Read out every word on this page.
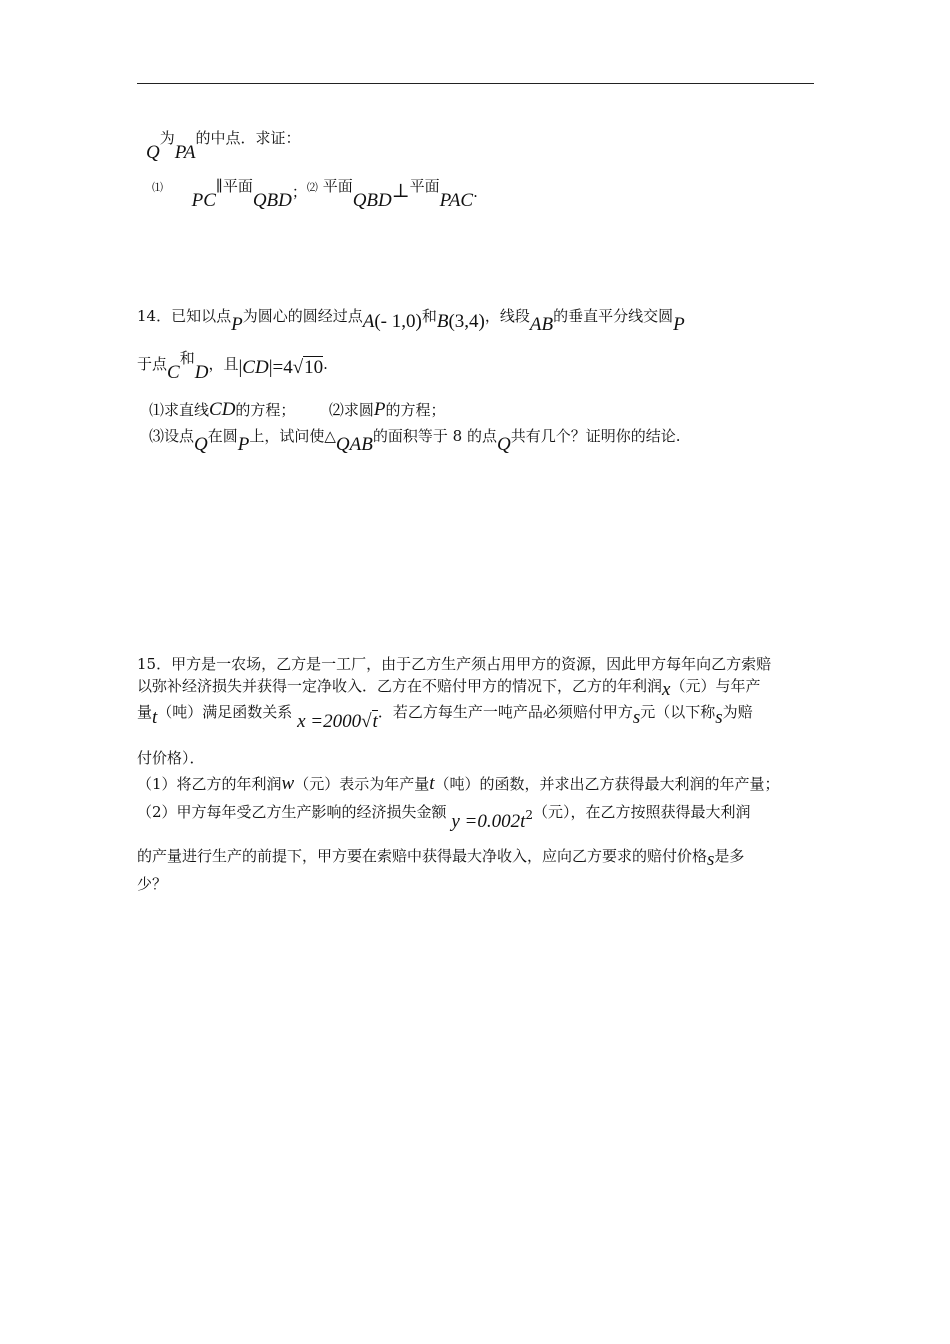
Q为PA的中点．求证：
⑴      PC∥平面QBD；⑵ 平面QBD⊥平面PAC.
14．已知以点P为圆心的圆经过点A(- 1,0)和B(3,4)，线段AB的垂直平分线交圆P
于点C和D，且|CD|=4√10.
⑴求直线CD的方程； ⑵求圆P的方程；
⑶设点Q在圆P上，试问使△QAB的面积等于 8 的点Q共有几个？证明你的结论.
15．甲方是一农场，乙方是一工厂，由于乙方生产须占用甲方的资源，因此甲方每年向乙方索赔
以弥补经济损失并获得一定净收入．乙方在不赔付甲方的情况下，乙方的年利润x（元）与年产
量t（吨）满足函数关系 x =2000√t．若乙方每生产一吨产品必须赔付甲方s元（以下称s为赔
付价格）．
（1）将乙方的年利润w（元）表示为年产量t（吨）的函数，并求出乙方获得最大利润的年产量；
（2）甲方每年受乙方生产影响的经济损失金额 y =0.002t2（元），在乙方按照获得最大利润
的产量进行生产的前提下，甲方要在索赔中获得最大净收入，应向乙方要求的赔付价格s是多
少？
